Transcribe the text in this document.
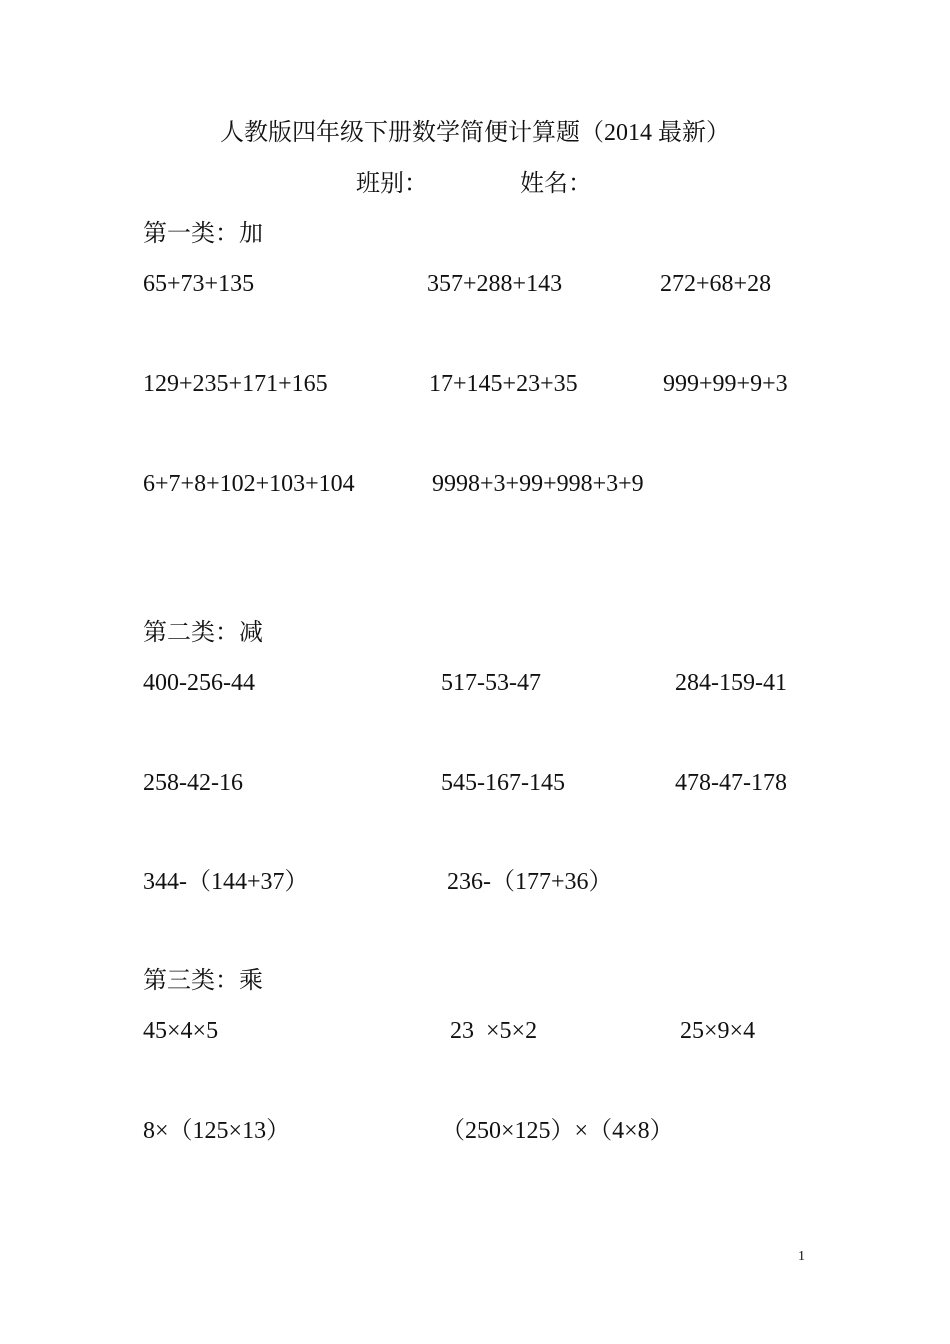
人教版四年级下册数学简便计算题（2014 最新）
班别：	姓名：
第一类：加
65+73+135	357+288+143	272+68+28
129+235+171+165	17+145+23+35	999+99+9+3
6+7+8+102+103+104	9998+3+99+998+3+9
第二类：减
400-256-44	517-53-47	284-159-41
258-42-16	545-167-145	478-47-178
344-（144+37）	236-（177+36）
第三类：乘
45×4×5	23  ×5×2	25×9×4
8×（125×13）	（250×125）×（4×8）
1
